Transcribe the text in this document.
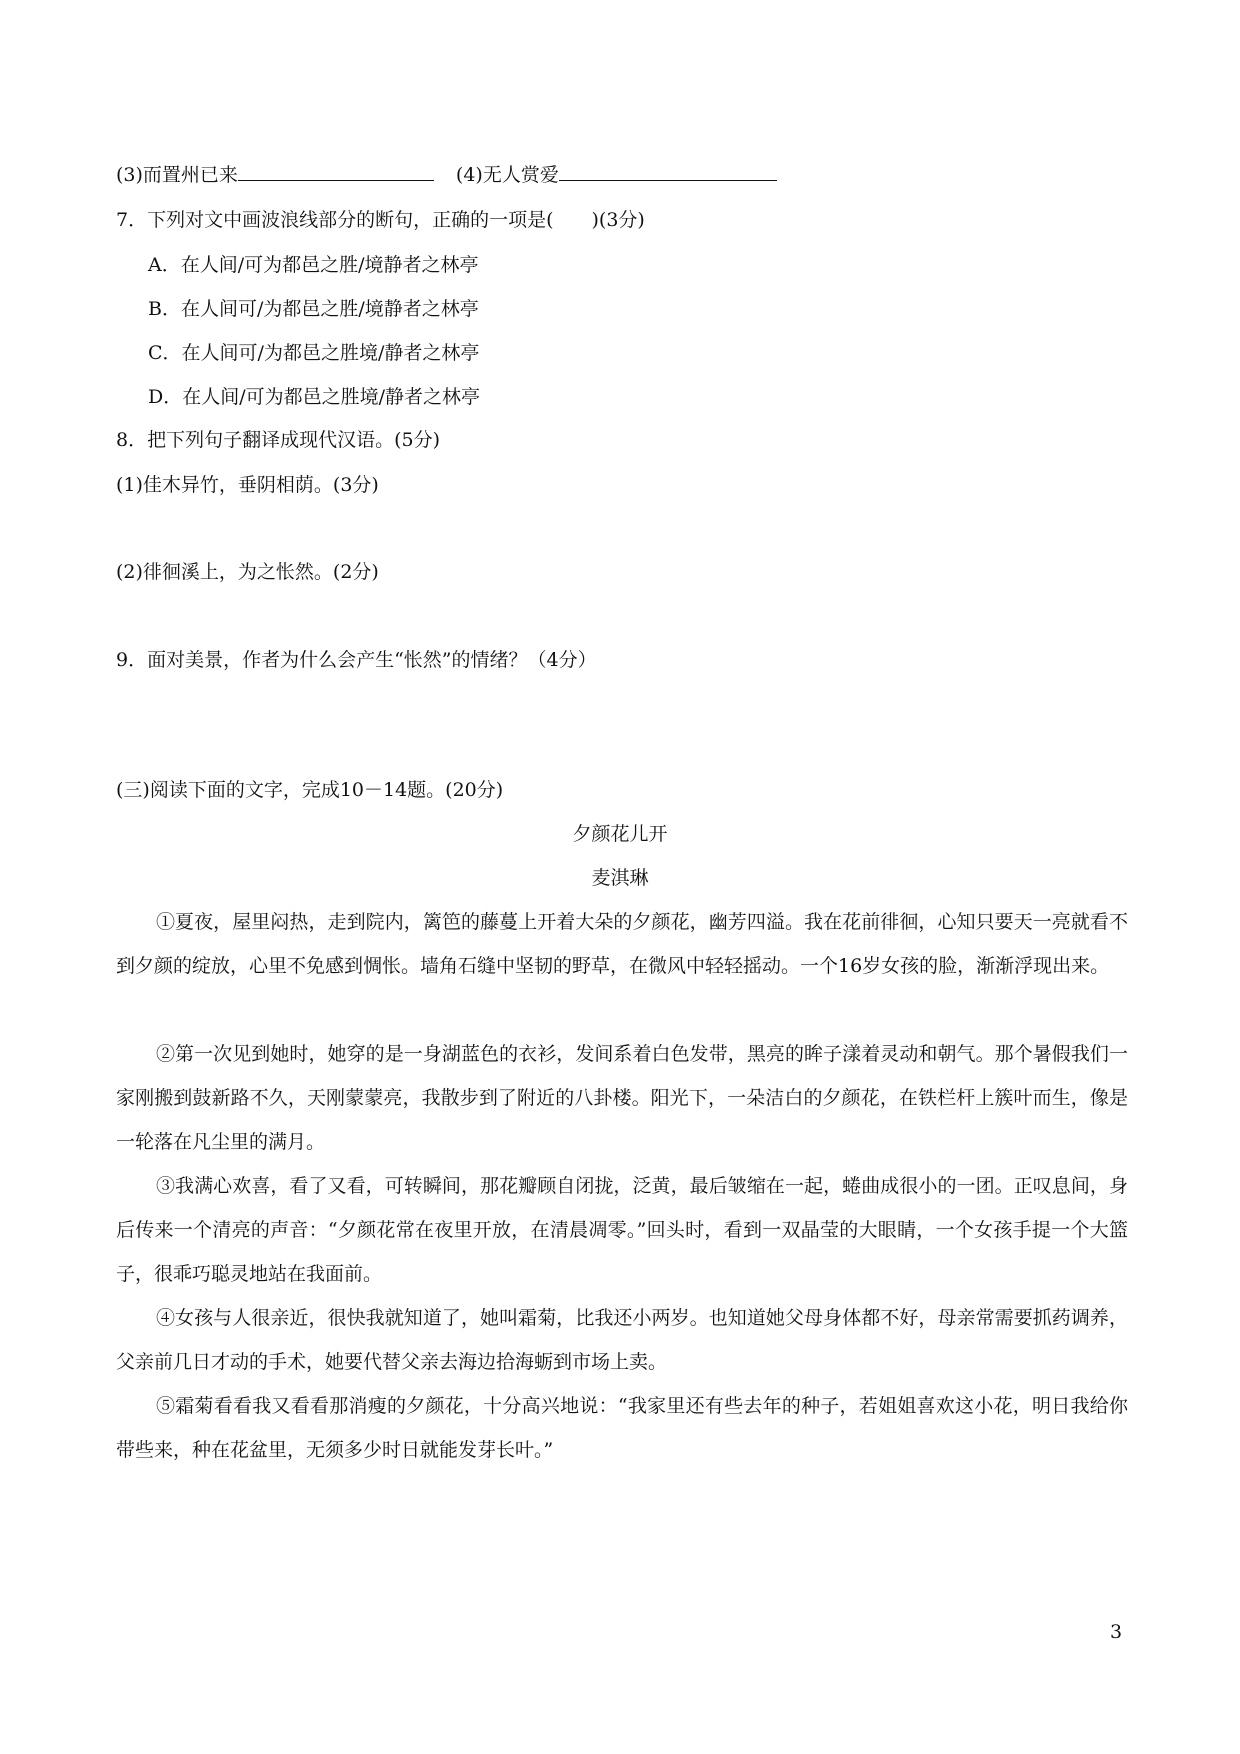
(3)而置州已来	(4)无人赏爱
7．下列对文中画波浪线部分的断句，正确的一项是(　　)(3分)
A．在人间/可为都邑之胜/境静者之林亭
B．在人间可/为都邑之胜/境静者之林亭
C．在人间可/为都邑之胜境/静者之林亭
D．在人间/可为都邑之胜境/静者之林亭
8．把下列句子翻译成现代汉语。(5分)
(1)佳木异竹，垂阴相荫。(3分)
(2)徘徊溪上，为之怅然。(2分)
9．面对美景，作者为什么会产生“怅然”的情绪？（4分）
(三)阅读下面的文字，完成10－14题。(20分)
夕颜花儿开
麦淇琳
①夏夜，屋里闷热，走到院内，篱笆的藤蔓上开着大朵的夕颜花，幽芳四溢。我在花前徘徊，心知只要天一亮就看不到夕颜的绽放，心里不免感到惆怅。墙角石缝中坚韧的野草，在微风中轻轻摇动。一个16岁女孩的脸，渐渐浮现出来。
②第一次见到她时，她穿的是一身湖蓝色的衣衫，发间系着白色发带，黑亮的眸子漾着灵动和朝气。那个暑假我们一家刚搬到鼓新路不久，天刚蒙蒙亮，我散步到了附近的八卦楼。阳光下，一朵洁白的夕颜花，在铁栏杆上簇叶而生，像是一轮落在凡尘里的满月。
③我满心欢喜，看了又看，可转瞬间，那花瓣顾自闭拢，泛黄，最后皱缩在一起，蜷曲成很小的一团。正叹息间，身后传来一个清亮的声音：“夕颜花常在夜里开放，在清晨凋零。”回头时，看到一双晶莹的大眼睛，一个女孩手提一个大篮子，很乖巧聪灵地站在我面前。
④女孩与人很亲近，很快我就知道了，她叫霜菊，比我还小两岁。也知道她父母身体都不好，母亲常需要抓药调养，父亲前几日才动的手术，她要代替父亲去海边拾海蛎到市场上卖。
⑤霜菊看看我又看看那消瘦的夕颜花，十分高兴地说：“我家里还有些去年的种子，若姐姐喜欢这小花，明日我给你带些来，种在花盆里，无须多少时日就能发芽长叶。”
3
